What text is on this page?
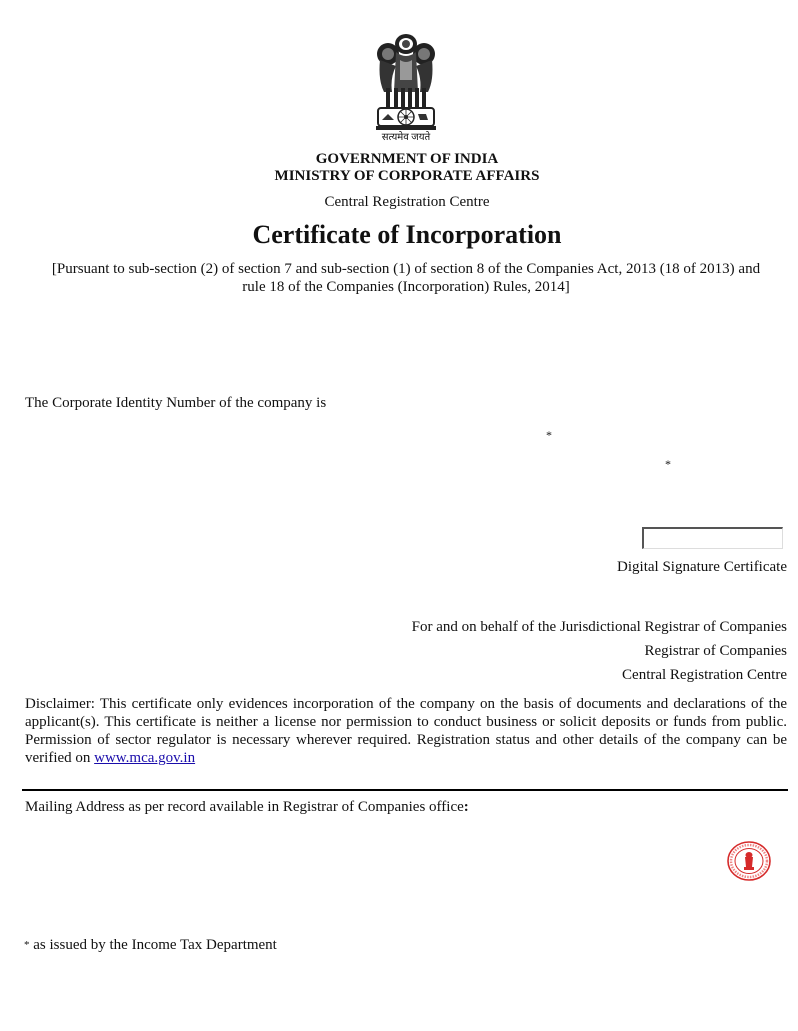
सत्यमेव जयते
GOVERNMENT OF INDIA
MINISTRY OF CORPORATE AFFAIRS
Central Registration Centre
Certificate of Incorporation
[Pursuant to sub-section (2) of section 7 and sub-section (1) of section 8 of the Companies Act, 2013 (18 of 2013) and
rule 18 of the Companies (Incorporation) Rules, 2014]
The Corporate Identity Number of the company is
*
*
Digital Signature Certificate
For and on behalf of the Jurisdictional Registrar of Companies
Registrar of Companies
Central Registration Centre
Disclaimer: This certificate only evidences incorporation of the company on the basis of documents and declarations of the applicant(s). This certificate is neither a license nor permission to conduct business or solicit deposits or funds from public. Permission of sector regulator is necessary wherever required. Registration status and other details of the company can be verified on www.mca.gov.in
Mailing Address as per record available in Registrar of Companies office:
* as issued by the Income Tax Department
